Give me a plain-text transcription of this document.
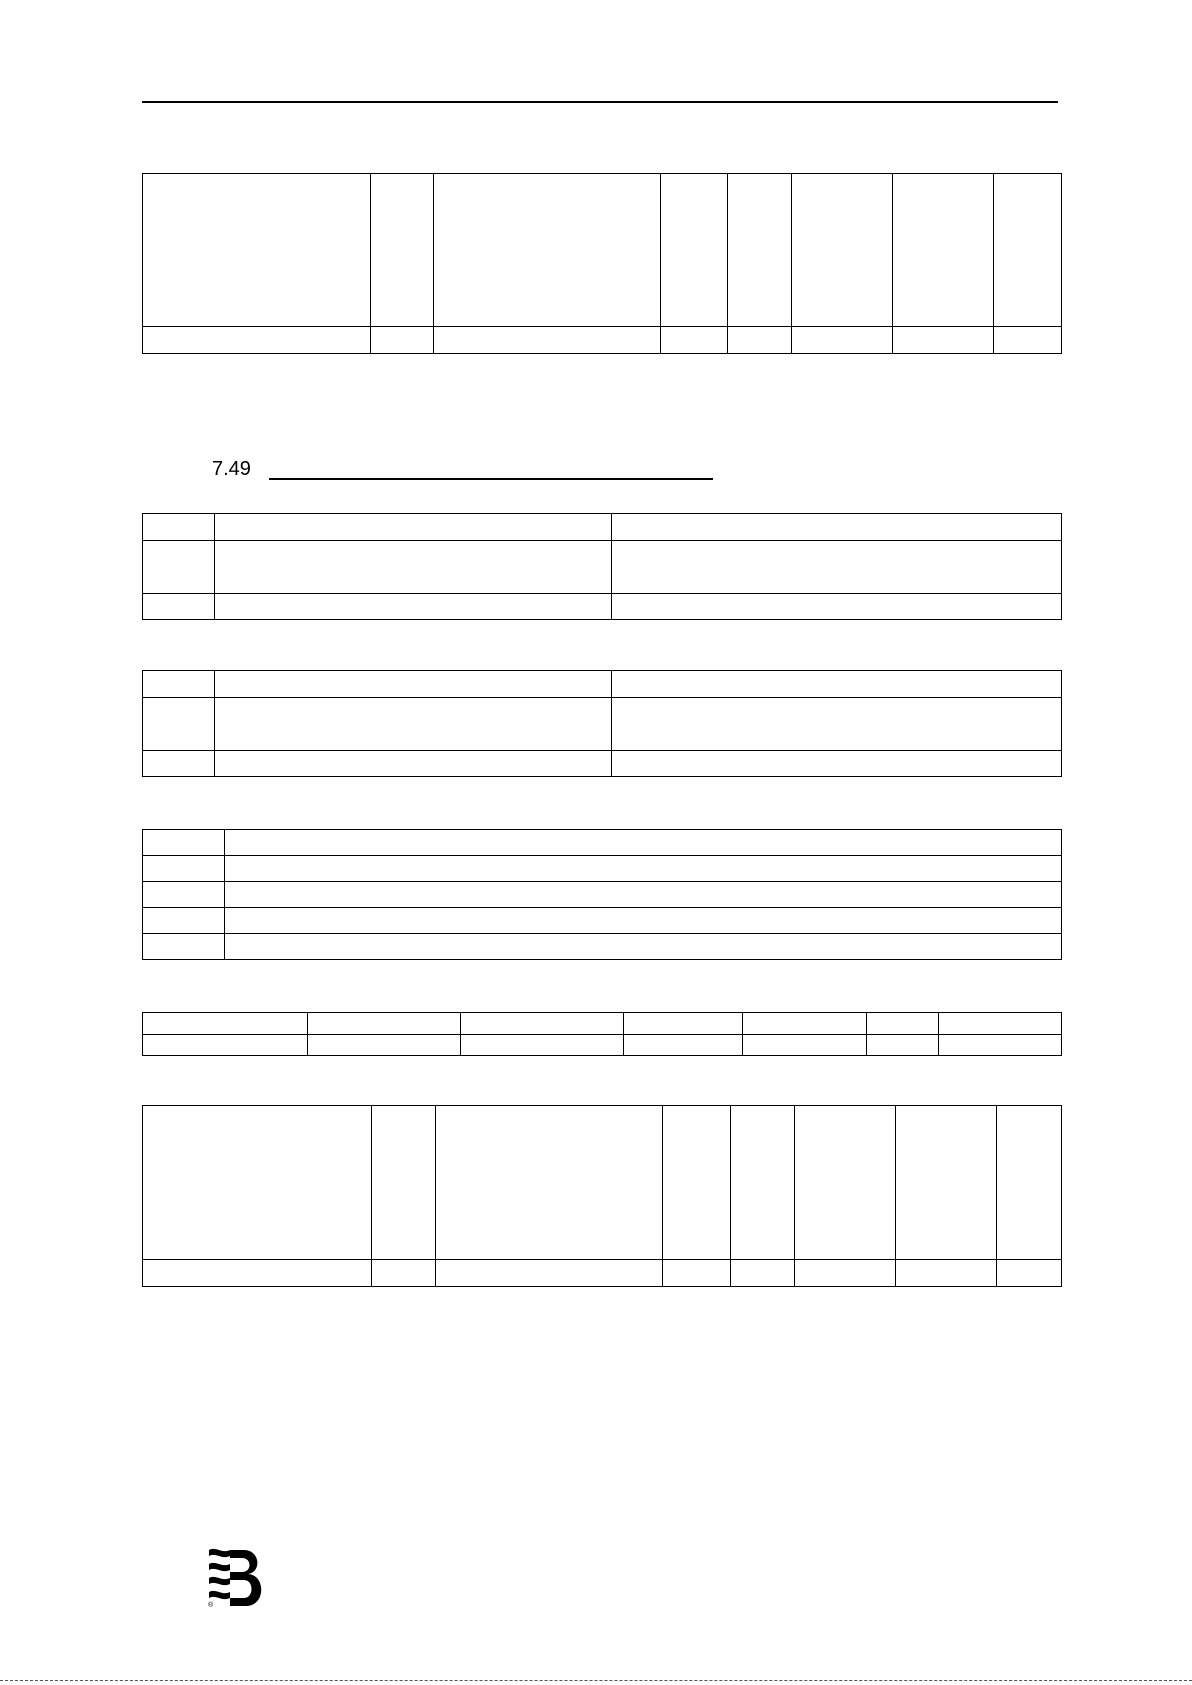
7.49

®
